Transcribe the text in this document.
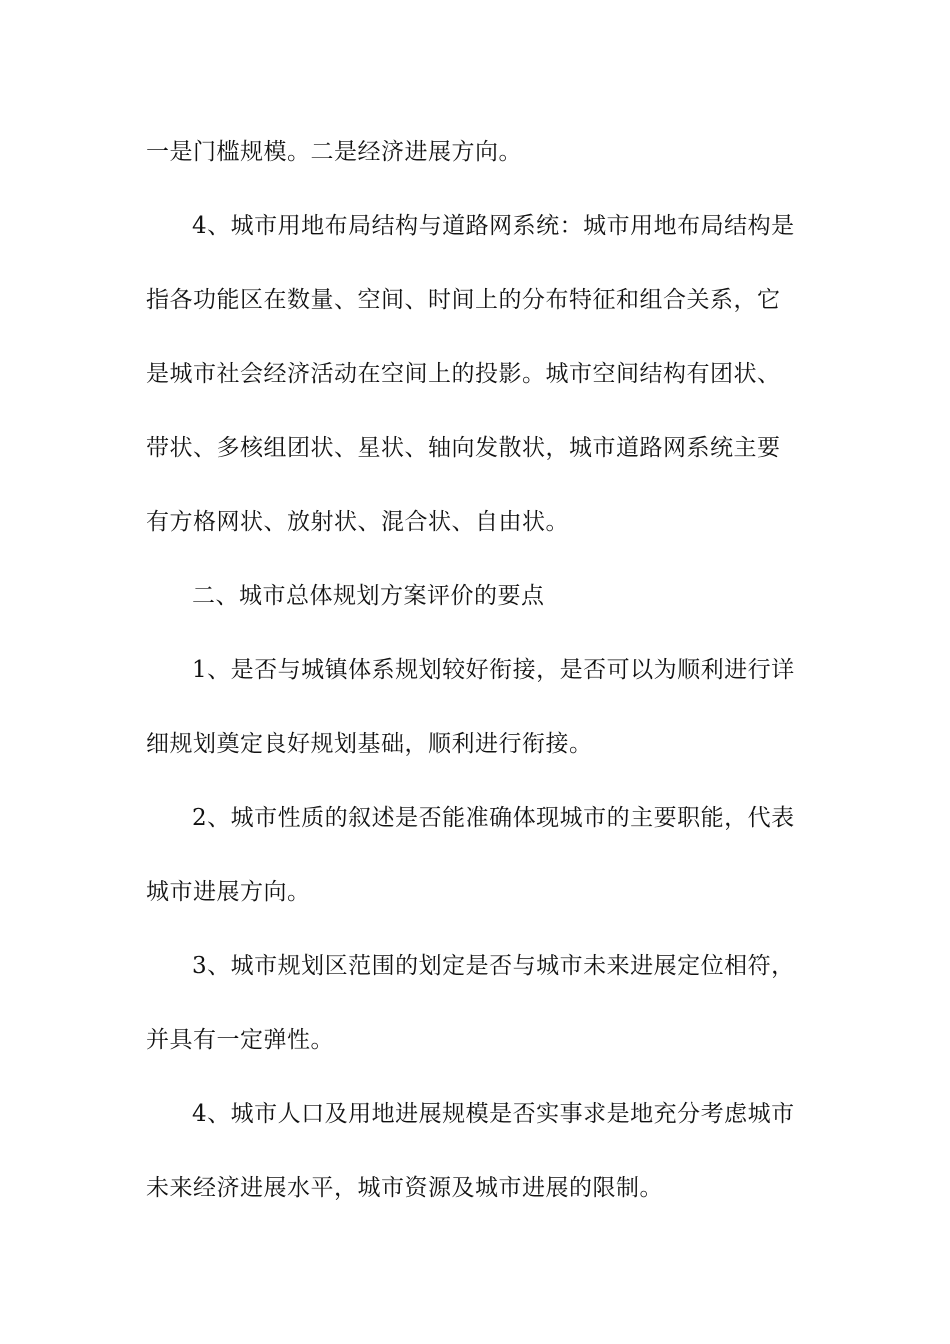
一是门槛规模。二是经济进展方向。
4、城市用地布局结构与道路网系统：城市用地布局结构是
指各功能区在数量、空间、时间上的分布特征和组合关系，它
是城市社会经济活动在空间上的投影。城市空间结构有团状、
带状、多核组团状、星状、轴向发散状，城市道路网系统主要
有方格网状、放射状、混合状、自由状。
二、城市总体规划方案评价的要点
1、是否与城镇体系规划较好衔接，是否可以为顺利进行详
细规划奠定良好规划基础，顺利进行衔接。
2、城市性质的叙述是否能准确体现城市的主要职能，代表
城市进展方向。
3、城市规划区范围的划定是否与城市未来进展定位相符，
并具有一定弹性。
4、城市人口及用地进展规模是否实事求是地充分考虑城市
未来经济进展水平，城市资源及城市进展的限制。
